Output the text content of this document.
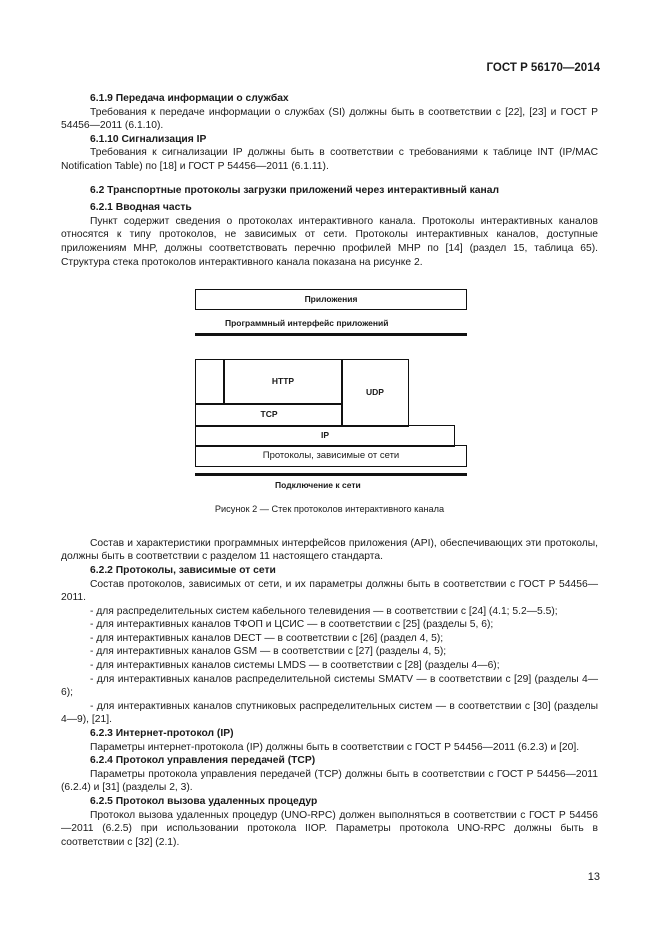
ГОСТ Р 56170—2014

6.1.9 Передача информации о службах

Требования к передаче информации о службах (SI) должны быть в соответствии с [22], [23] и ГОСТ Р 54456—2011 (6.1.10).

6.1.10 Сигнализация IP

Требования к сигнализации IP должны быть в соответствии с требованиями к таблице INT (IP/MAC Notification Table) по [18] и ГОСТ Р 54456—2011 (6.1.11).

6.2 Транспортные протоколы загрузки приложений через интерактивный канал

6.2.1 Вводная часть

Пункт содержит сведения о протоколах интерактивного канала. Протоколы интерактивных каналов относятся к типу протоколов, не зависимых от сети. Протоколы интерактивных каналов, доступные приложениям MHP, должны соответствовать перечню профилей MHP по [14] (раздел 15, таблица 65). Структура стека протоколов интерактивного канала показана на рисунке 2.

Приложения
Программный интерфейс приложений
HTTP
UDP
TCP
IP
Протоколы, зависимые от сети
Подключение к сети

Рисунок 2 — Стек протоколов интерактивного канала

Состав и характеристики программных интерфейсов приложения (API), обеспечивающих эти протоколы, должны быть в соответствии с разделом 11 настоящего стандарта.

6.2.2 Протоколы, зависимые от сети

Состав протоколов, зависимых от сети, и их параметры должны быть в соответствии с ГОСТ Р 54456—2011.

- для распределительных систем кабельного телевидения — в соответствии с [24] (4.1; 5.2—5.5);

- для интерактивных каналов ТФОП и ЦСИС — в соответствии с [25] (разделы 5, 6);

- для интерактивных каналов DECT — в соответствии с [26] (раздел 4, 5);

- для интерактивных каналов GSM — в соответствии с [27] (разделы 4, 5);

- для интерактивных каналов системы LMDS — в соответствии с [28] (разделы 4—6);

- для интерактивных каналов распределительной системы SMATV — в соответствии с [29] (разделы 4—6);

- для интерактивных каналов спутниковых распределительных систем — в соответствии с [30] (разделы 4—9), [21].

6.2.3 Интернет-протокол (IP)

Параметры интернет-протокола (IP) должны быть в соответствии с ГОСТ Р 54456—2011 (6.2.3) и [20].

6.2.4 Протокол управления передачей (TCP)

Параметры протокола управления передачей (TCP) должны быть в соответствии с ГОСТ Р 54456—2011 (6.2.4) и [31] (разделы 2, 3).

6.2.5 Протокол вызова удаленных процедур

Протокол вызова удаленных процедур (UNO-RPC) должен выполняться в соответствии с ГОСТ Р 54456—2011 (6.2.5) при использовании протокола IIOP. Параметры протокола UNO-RPC должны быть в соответствии с [32] (2.1).

13
